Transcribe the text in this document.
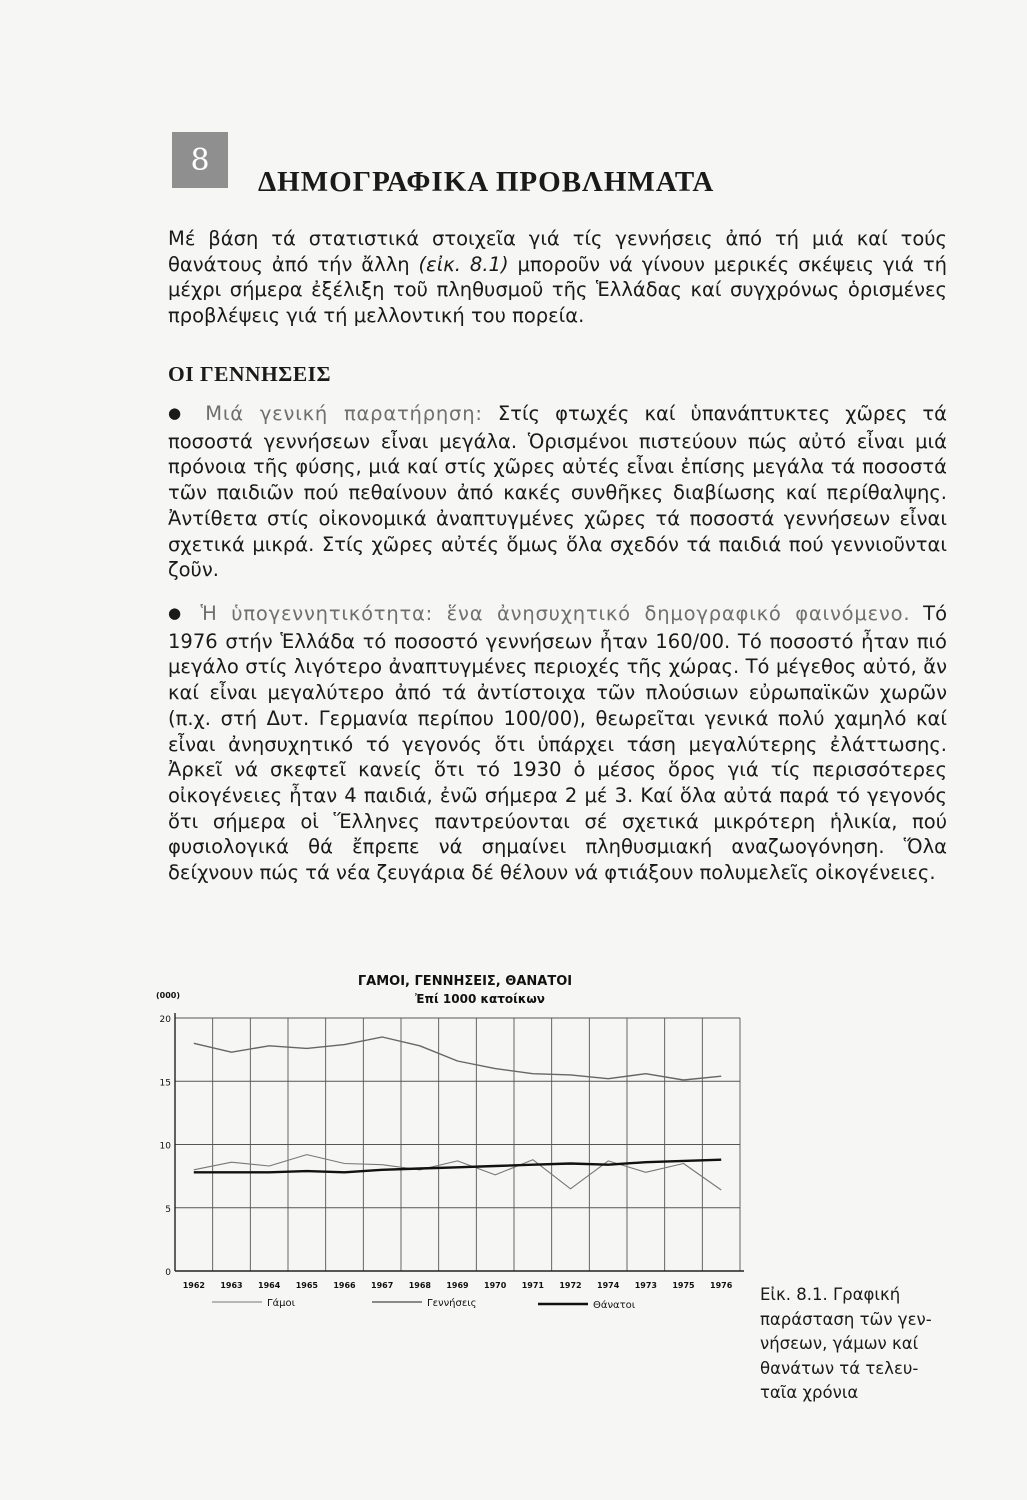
8
ΔΗΜΟΓΡΑΦΙΚΑ ΠΡΟΒΛΗΜΑΤΑ

Μέ βάση τά στατιστικά στοιχεῖα γιά τίς γεννήσεις ἀπό τή μιά καί τούς θανάτους ἀπό τήν ἄλλη (εἰκ. 8.1) μποροῦν νά γίνουν μερικές σκέψεις γιά τή μέχρι σήμερα ἐξέλιξη τοῦ πληθυσμοῦ τῆς Ἑλλάδας καί συγχρόνως ὁρισμένες προβλέψεις γιά τή μελλοντική του πορεία.

ΟΙ ΓΕΝΝΗΣΕΙΣ

● Μιά γενική παρατήρηση: Στίς φτωχές καί ὑπανάπτυκτες χῶρες τά ποσοστά γεννήσεων εἶναι μεγάλα. Ὁρισμένοι πιστεύουν πώς αὐτό εἶναι μιά πρόνοια τῆς φύσης, μιά καί στίς χῶρες αὐτές εἶναι ἐπίσης μεγάλα τά ποσοστά τῶν παιδιῶν πού πεθαίνουν ἀπό κακές συνθῆκες διαβίωσης καί περίθαλψης. Ἀντίθετα στίς οἰκονομικά ἀναπτυγμένες χῶρες τά ποσοστά γεννήσεων εἶναι σχετικά μικρά. Στίς χῶρες αὐτές ὅμως ὅλα σχεδόν τά παιδιά πού γεννιοῦνται ζοῦν.

● Ἡ ὑπογεννητικότητα: ἕνα ἀνησυχητικό δημογραφικό φαινόμενο. Τό 1976 στήν Ἑλλάδα τό ποσοστό γεννήσεων ἦταν 160/00. Τό ποσοστό ἦταν πιό μεγάλο στίς λιγότερο ἀναπτυγμένες περιοχές τῆς χώρας. Τό μέγεθος αὐτό, ἄν καί εἶναι μεγαλύτερο ἀπό τά ἀντίστοιχα τῶν πλούσιων εὐρωπαϊκῶν χωρῶν (π.χ. στή Δυτ. Γερμανία περίπου 100/00), θεωρεῖται γενικά πολύ χαμηλό καί εἶναι ἀνησυχητικό τό γεγονός ὅτι ὑπάρχει τάση μεγαλύτερης ἐλάττωσης. Ἀρκεῖ νά σκεφτεῖ κανείς ὅτι τό 1930 ὁ μέσος ὅρος γιά τίς περισσότερες οἰκογένειες ἦταν 4 παιδιά, ἐνῶ σήμερα 2 μέ 3. Καί ὅλα αὐτά παρά τό γεγονός ὅτι σήμερα οἱ Ἕλληνες παντρεύονται σέ σχετικά μικρότερη ἡλικία, πού φυσιολογικά θά ἔπρεπε νά σημαίνει πληθυσμιακή αναζωογόνηση. Ὅλα δείχνουν πώς τά νέα ζευγάρια δέ θέλουν νά φτιάξουν πολυμελεῖς οἰκογένειες.

ΓΑΜΟΙ, ΓΕΝΝΗΣΕΙΣ, ΘΑΝΑΤΟΙ
Ἐπί 1000 κατοίκων
(000)
0
5
10
15
20
1962 1963 1964 1965 1966 1967 1968 1969 1970 1971 1972 1974 1973 1975 1976
Γάμοι	Γεννήσεις	Θάνατοι

Εἰκ. 8.1. Γραφική

παράσταση τῶν γεν-

νήσεων, γάμων καί

θανάτων τά τελευ-

ταῖα χρόνια
